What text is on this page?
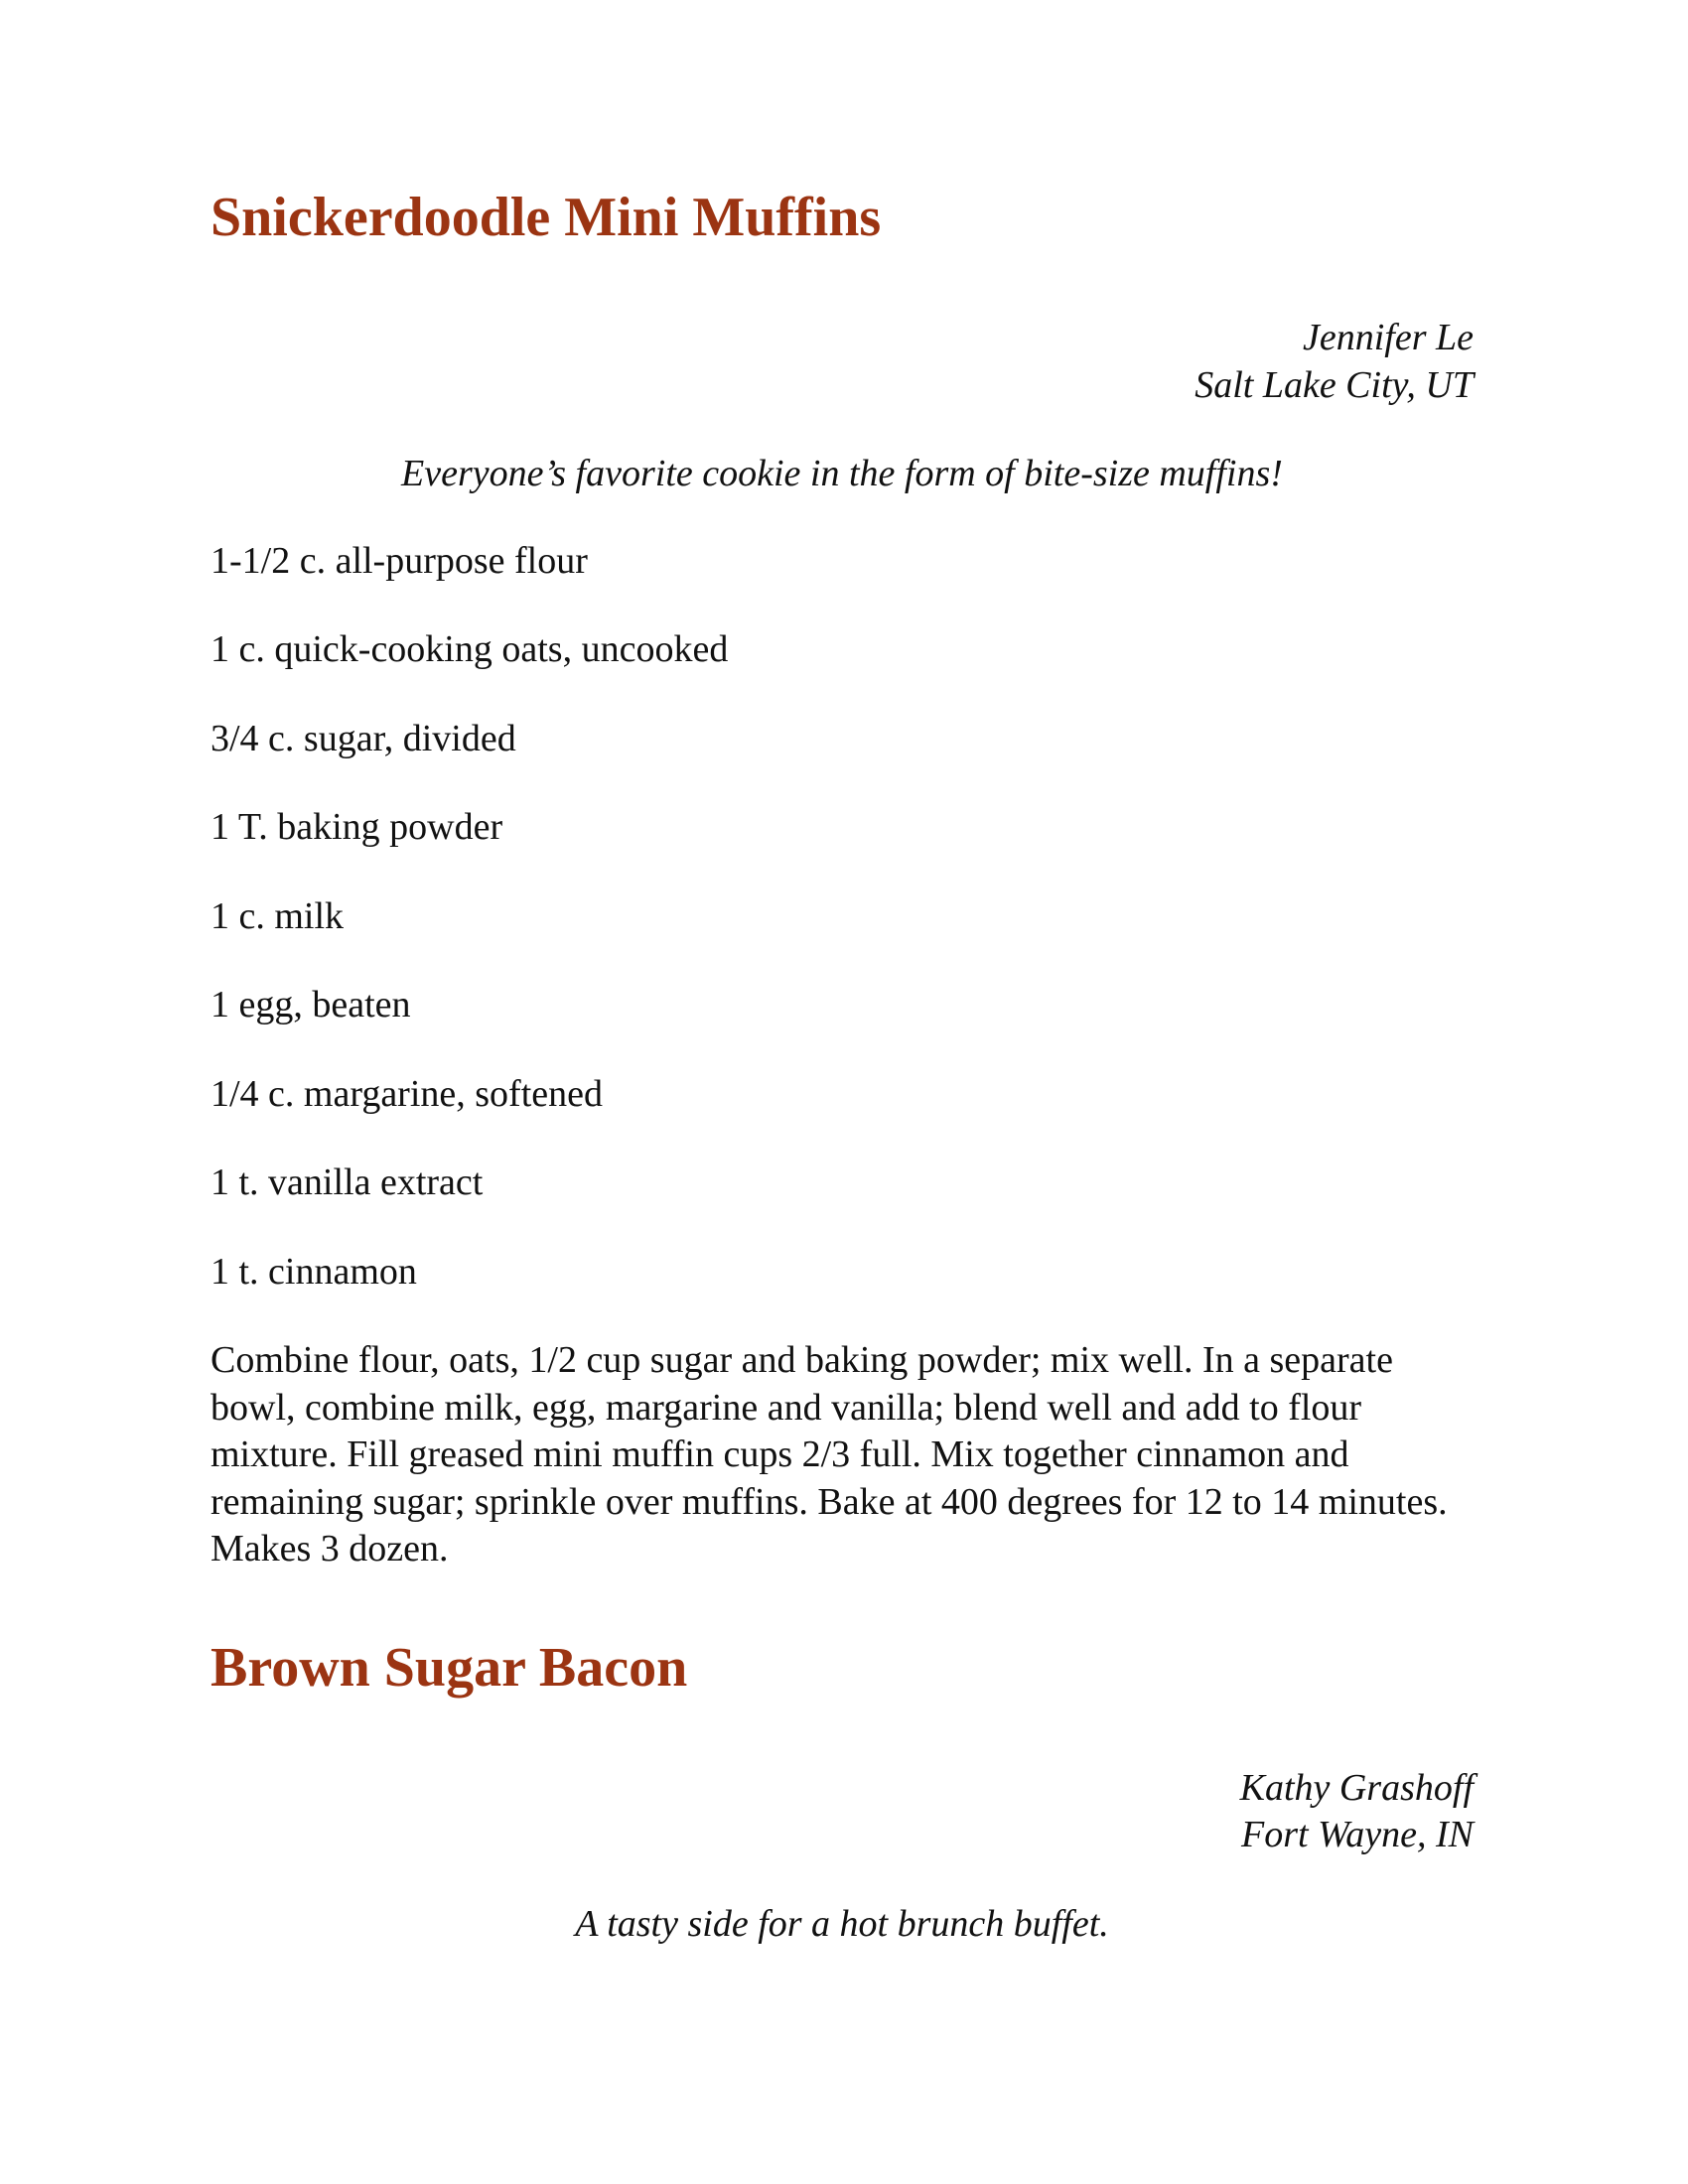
Snickerdoodle Mini Muffins
Jennifer Le
Salt Lake City, UT
Everyone’s favorite cookie in the form of bite-size muffins!
1-1/2 c. all-purpose flour
1 c. quick-cooking oats, uncooked
3/4 c. sugar, divided
1 T. baking powder
1 c. milk
1 egg, beaten
1/4 c. margarine, softened
1 t. vanilla extract
1 t. cinnamon

Combine flour, oats, 1/2 cup sugar and baking powder; mix well. In a separate bowl, combine milk, egg, margarine and vanilla; blend well and add to flour mixture. Fill greased mini muffin cups 2/3 full. Mix together cinnamon and remaining sugar; sprinkle over muffins. Bake at 400 degrees for 12 to 14 minutes. Makes 3 dozen.

Brown Sugar Bacon
Kathy Grashoff
Fort Wayne, IN
A tasty side for a hot brunch buffet.
